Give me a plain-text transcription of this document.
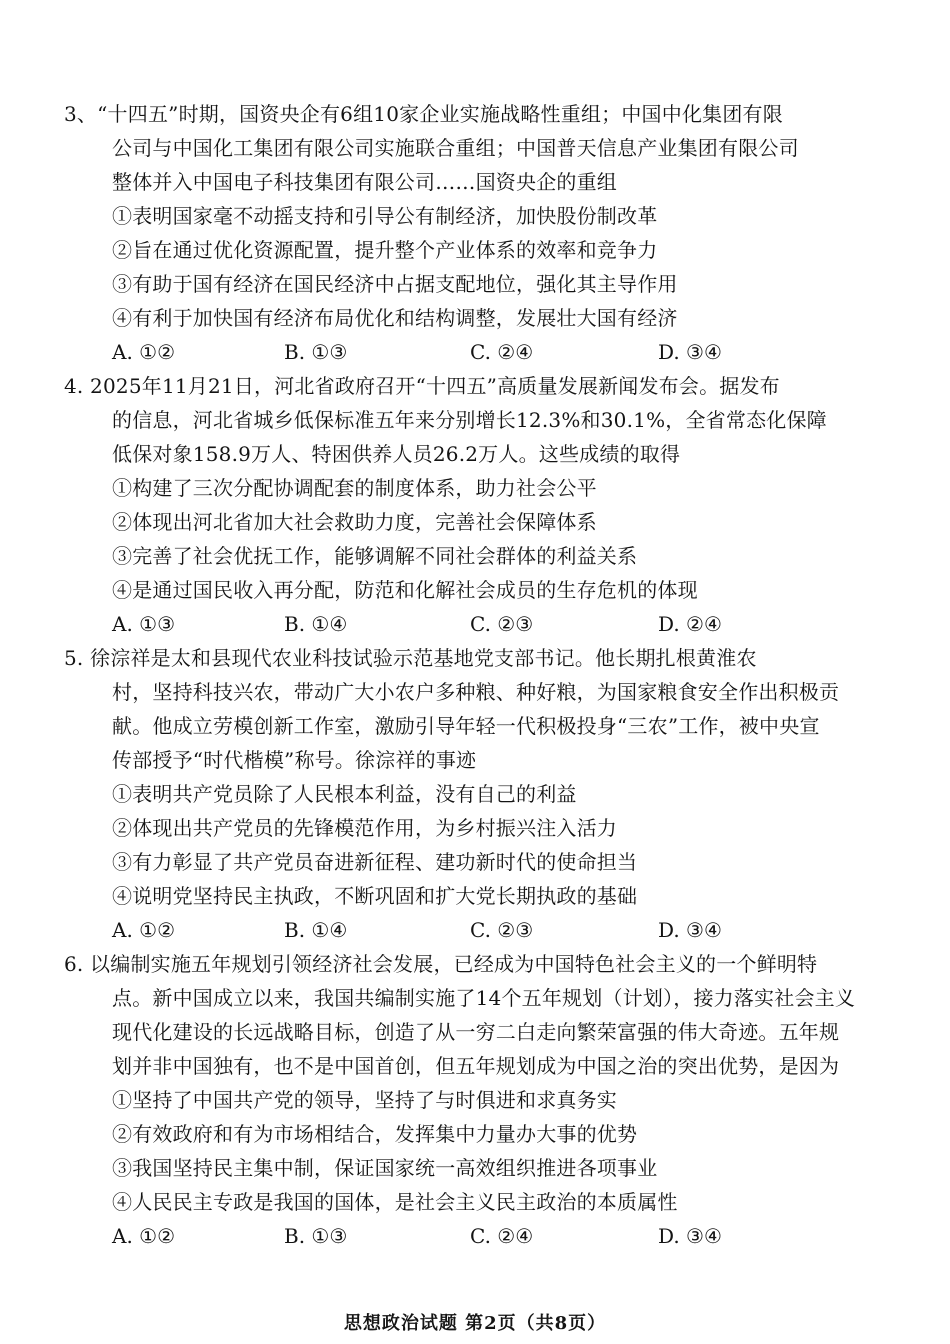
3、“十四五”时期，国资央企有6组10家企业实施战略性重组；中国中化集团有限
公司与中国化工集团有限公司实施联合重组；中国普天信息产业集团有限公司
整体并入中国电子科技集团有限公司……国资央企的重组
①表明国家毫不动摇支持和引导公有制经济，加快股份制改革
②旨在通过优化资源配置，提升整个产业体系的效率和竞争力
③有助于国有经济在国民经济中占据支配地位，强化其主导作用
④有利于加快国有经济布局优化和结构调整，发展壮大国有经济
A. ①②	B. ①③	C. ②④	D. ③④
4. 2025年11月21日，河北省政府召开“十四五”高质量发展新闻发布会。据发布
的信息，河北省城乡低保标准五年来分别增长12.3%和30.1%，全省常态化保障
低保对象158.9万人、特困供养人员26.2万人。这些成绩的取得
①构建了三次分配协调配套的制度体系，助力社会公平
②体现出河北省加大社会救助力度，完善社会保障体系
③完善了社会优抚工作，能够调解不同社会群体的利益关系
④是通过国民收入再分配，防范和化解社会成员的生存危机的体现
A. ①③	B. ①④	C. ②③	D. ②④
5. 徐淙祥是太和县现代农业科技试验示范基地党支部书记。他长期扎根黄淮农
村，坚持科技兴农，带动广大小农户多种粮、种好粮，为国家粮食安全作出积极贡
献。他成立劳模创新工作室，激励引导年轻一代积极投身“三农”工作，被中央宣
传部授予“时代楷模”称号。徐淙祥的事迹
①表明共产党员除了人民根本利益，没有自己的利益
②体现出共产党员的先锋模范作用，为乡村振兴注入活力
③有力彰显了共产党员奋进新征程、建功新时代的使命担当
④说明党坚持民主执政，不断巩固和扩大党长期执政的基础
A. ①②	B. ①④	C. ②③	D. ③④
6. 以编制实施五年规划引领经济社会发展，已经成为中国特色社会主义的一个鲜明特
点。新中国成立以来，我国共编制实施了14个五年规划（计划），接力落实社会主义
现代化建设的长远战略目标，创造了从一穷二白走向繁荣富强的伟大奇迹。五年规
划并非中国独有，也不是中国首创，但五年规划成为中国之治的突出优势，是因为
①坚持了中国共产党的领导，坚持了与时俱进和求真务实
②有效政府和有为市场相结合，发挥集中力量办大事的优势
③我国坚持民主集中制，保证国家统一高效组织推进各项事业
④人民民主专政是我国的国体，是社会主义民主政治的本质属性
A. ①②	B. ①③	C. ②④	D. ③④
思想政治试题 第2页（共8页）
